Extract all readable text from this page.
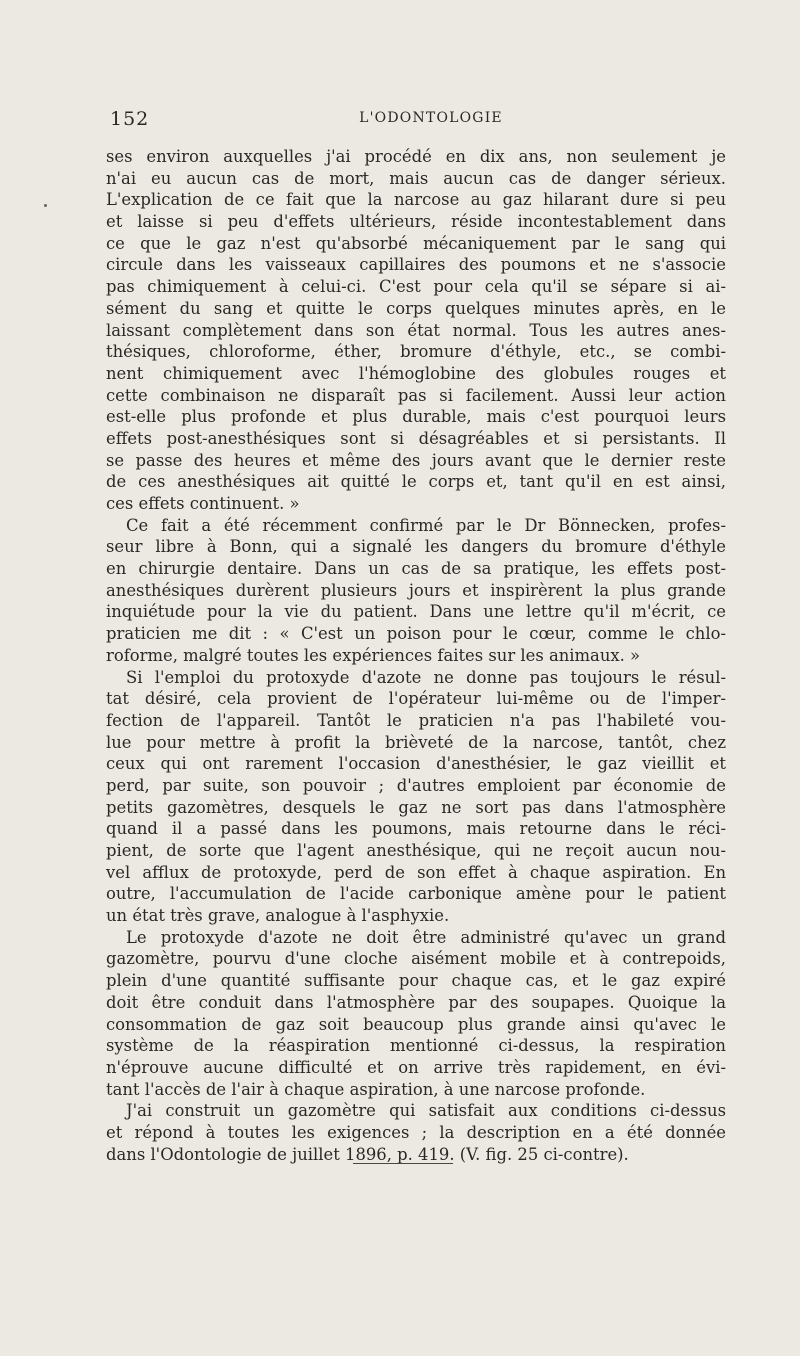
152	L'ODONTOLOGIE
ses environ auxquelles j'ai procédé en dix ans, non seulement je
n'ai eu aucun cas de mort, mais aucun cas de danger sérieux.
L'explication de ce fait que la narcose au gaz hilarant dure si peu
et laisse si peu d'effets ultérieurs, réside incontestablement dans
ce que le gaz n'est qu'absorbé mécaniquement par le sang qui
circule dans les vaisseaux capillaires des poumons et ne s'associe
pas chimiquement à celui-ci. C'est pour cela qu'il se sépare si ai-
sément du sang et quitte le corps quelques minutes après, en le
laissant complètement dans son état normal. Tous les autres anes-
thésiques, chloroforme, éther, bromure d'éthyle, etc., se combi-
nent chimiquement avec l'hémoglobine des globules rouges et
cette combinaison ne disparaît pas si facilement. Aussi leur action
est-elle plus profonde et plus durable, mais c'est pourquoi leurs
effets post-anesthésiques sont si désagréables et si persistants. Il
se passe des heures et même des jours avant que le dernier reste
de ces anesthésiques ait quitté le corps et, tant qu'il en est ainsi,
ces effets continuent. »
Ce fait a été récemment confirmé par le Dr Bönnecken, profes-
seur libre à Bonn, qui a signalé les dangers du bromure d'éthyle
en chirurgie dentaire. Dans un cas de sa pratique, les effets post-
anesthésiques durèrent plusieurs jours et inspirèrent la plus grande
inquiétude pour la vie du patient. Dans une lettre qu'il m'écrit, ce
praticien me dit : « C'est un poison pour le cœur, comme le chlo-
roforme, malgré toutes les expériences faites sur les animaux. »
Si l'emploi du protoxyde d'azote ne donne pas toujours le résul-
tat désiré, cela provient de l'opérateur lui-même ou de l'imper-
fection de l'appareil. Tantôt le praticien n'a pas l'habileté vou-
lue pour mettre à profit la brièveté de la narcose, tantôt, chez
ceux qui ont rarement l'occasion d'anesthésier, le gaz vieillit et
perd, par suite, son pouvoir ; d'autres emploient par économie de
petits gazomètres, desquels le gaz ne sort pas dans l'atmosphère
quand il a passé dans les poumons, mais retourne dans le réci-
pient, de sorte que l'agent anesthésique, qui ne reçoit aucun nou-
vel afflux de protoxyde, perd de son effet à chaque aspiration. En
outre, l'accumulation de l'acide carbonique amène pour le patient
un état très grave, analogue à l'asphyxie.
Le protoxyde d'azote ne doit être administré qu'avec un grand
gazomètre, pourvu d'une cloche aisément mobile et à contrepoids,
plein d'une quantité suffisante pour chaque cas, et le gaz expiré
doit être conduit dans l'atmosphère par des soupapes. Quoique la
consommation de gaz soit beaucoup plus grande ainsi qu'avec le
système de la réaspiration mentionné ci-dessus, la respiration
n'éprouve aucune difficulté et on arrive très rapidement, en évi-
tant l'accès de l'air à chaque aspiration, à une narcose profonde.
J'ai construit un gazomètre qui satisfait aux conditions ci-dessus
et répond à toutes les exigences ; la description en a été donnée
dans l'Odontologie de juillet 1896, p. 419. (V. fig. 25 ci-contre).
